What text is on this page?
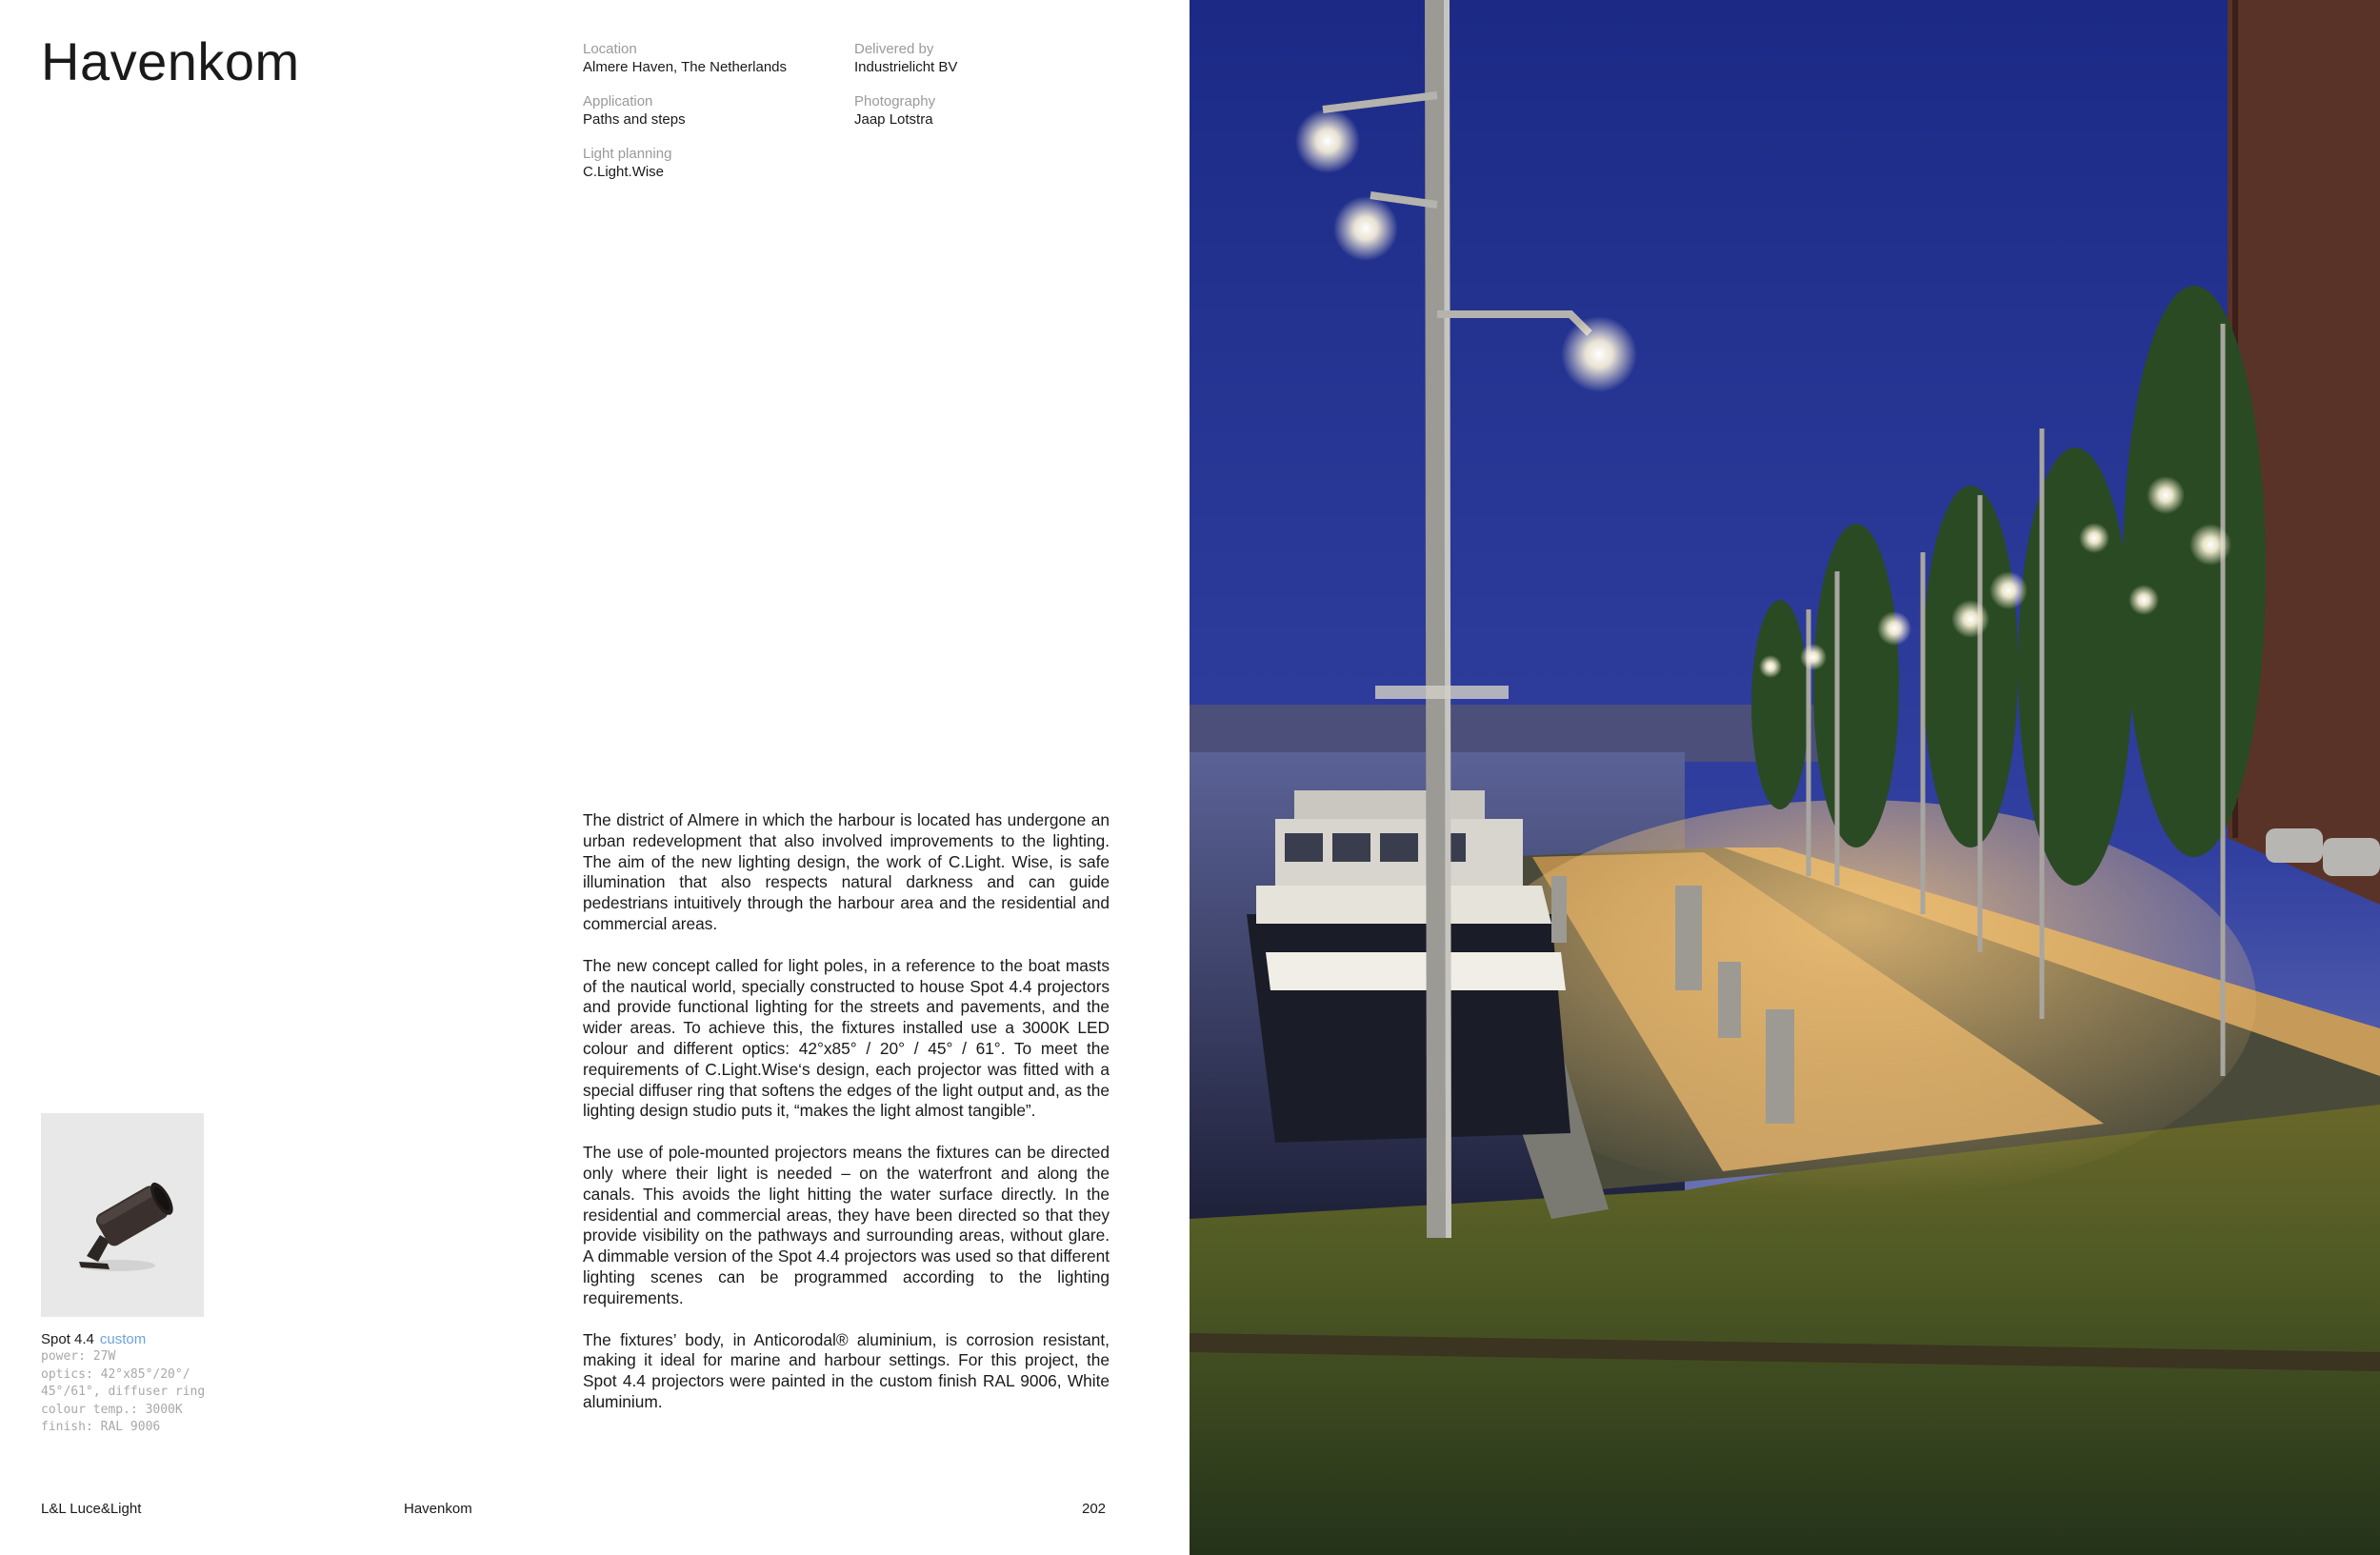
Havenkom	Location
Almere Haven, The Netherlands
Application
Paths and steps
Light planning
C.Light.Wise
Delivered by
Industrielicht BV
Photography
Jaap Lotstra

The district of Almere in which the harbour is located has undergone an urban redevelopment that also involved improvements to the lighting. The aim of the new lighting design, the work of C.Light. Wise, is safe illumination that also respects natural darkness and can guide pedestrians intuitively through the harbour area and the residential and commercial areas.

The new concept called for light poles, in a reference to the boat masts of the nautical world, specially constructed to house Spot 4.4 projectors and provide functional lighting for the streets and pavements, and the wider areas. To achieve this, the fixtures installed use a 3000K LED colour and different optics: 42°x85° / 20° / 45° / 61°. To meet the requirements of C.Light.Wise‘s design, each projector was fitted with a special diffuser ring that softens the edges of the light output and, as the lighting design studio puts it, “makes the light almost tangible”.

The use of pole-mounted projectors means the fixtures can be directed only where their light is needed – on the waterfront and along the canals. This avoids the light hitting the water surface directly. In the residential and commercial areas, they have been directed so that they provide visibility on the pathways and surrounding areas, without glare. A dimmable version of the Spot 4.4 projectors was used so that different lighting scenes can be programmed according to the lighting requirements.

The fixtures’ body, in Anticorodal® aluminium, is corrosion resistant, making it ideal for marine and harbour settings. For this project, the Spot 4.4 projectors were painted in the custom finish RAL 9006, White aluminium.

Spot 4.4 custom
power: 27W
optics: 42°x85°/20°/
45°/61°, diffuser ring
colour temp.: 3000K
finish: RAL 9006
L&L Luce&Light	Havenkom	202
